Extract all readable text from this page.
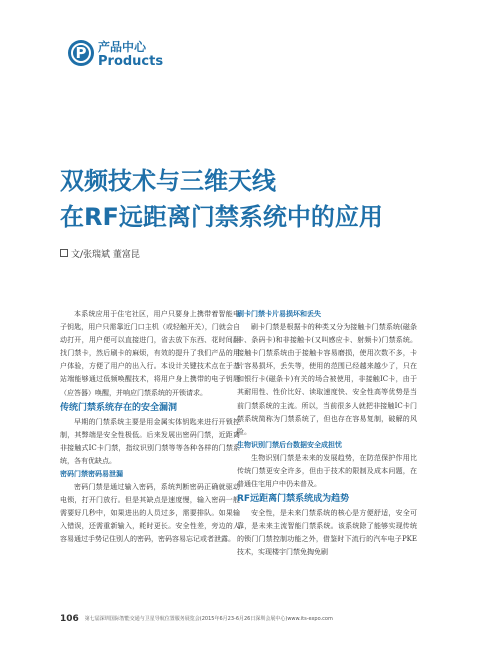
P 产品中心
Products
双频技术与三维天线
在RF远距离门禁系统中的应用
文/张瑞斌 董富昆
本系统应用于住宅社区，用户只要身上携带着智能电子钥匙，用户只需靠近门口主机（或轻触开关），门就会自动打开，用户便可以直接进门，省去放下东西、花时间翻找门禁卡，然后刷卡的麻烦，有效的提升了我们产品的用户体验，方便了用户的出入行。本设计关键技术点在于基站端能够通过低频唤醒技术，将用户身上携带的电子钥匙（应答器）唤醒，并响应门禁系统的开锁请求。
传统门禁系统存在的安全漏洞
早期的门禁系统主要是用金属实体钥匙来进行开锁控制，其弊端是安全性极低。后来发展出密码门禁，近距离非接触式IC卡门禁，指纹识别门禁等等各种各样的门禁系统，各有优缺点。
密码门禁密码易泄漏
密码门禁是通过输入密码，系统判断密码正确就驱动电锁，打开门放行。但是其缺点是速度慢，输入密码一般需要好几秒中，如果进出的人员过多，需要排队。如果输入错误，还需重新输入，耗时更长。安全性差，旁边的人容易通过手势记住别人的密码，密码容易忘记或者泄露。
刷卡门禁卡片易损坏和丢失
刷卡门禁是根据卡的种类又分为接触卡门禁系统(磁条卡、条码卡)和非接触卡(又叫感应卡、射频卡)门禁系统。接触卡门禁系统由于接触卡容易磨损，使用次数不多，卡片容易损坏，丢失等，使用的范围已经越来越少了，只在和银行卡(磁条卡)有关的场合被使用，非接触IC卡，由于其耐用性、性价比好、读取速度快、安全性高等优势是当前门禁系统的主流。所以，当前很多人就把非接触IC卡门禁系统简称为门禁系统了，但也存在容易复制，破解的风险。
生物识别门禁后台数据安全成担忧
生物识别门禁是未来的发展趋势，在防范保护作用比传统门禁更安全许多，但由于技术的限制及成本问题，在普通住宅用户中仍未普及。
RF远距离门禁系统成为趋势
安全性，是未来门禁系统的核心是方便舒适，安全可靠，是未来主流智能门禁系统。该系统除了能够实现传统的锁门门禁控制功能之外，借鉴时下流行的汽车电子PKE技术，实现楼宇门禁免掏免刷
106 第七届深圳国际智能交通与卫星导航位置服务展览会(2015年6月23-6月26日深圳会展中心)www.its-expo.com
